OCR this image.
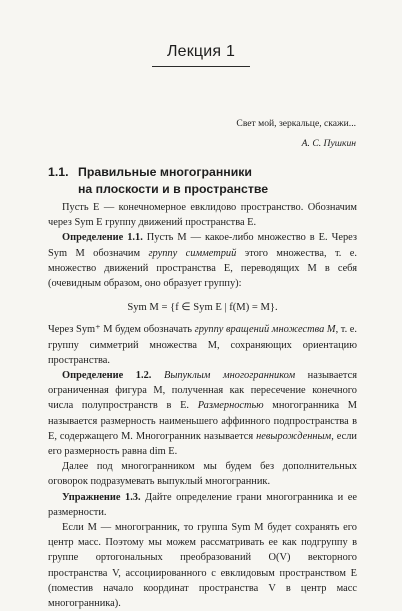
Лекция 1
Свет мой, зеркальце, скажи...
А. С. Пушкин
1.1. Правильные многогранники
на плоскости и в пространстве

Пусть E — конечномерное евклидово пространство. Обозначим через Sym E группу движений пространства E.

Определение 1.1. Пусть M — какое-либо множество в E. Через Sym M обозначим группу симметрий этого множества, т. е. множество движений пространства E, переводящих M в себя (очевидным образом, оно образует группу):

Sym M = {f ∈ Sym E | f(M) = M}.

Через Sym⁺ M будем обозначать группу вращений множества M, т. е. группу симметрий множества M, сохраняющих ориентацию пространства.

Определение 1.2. Выпуклым многогранником называется ограниченная фигура M, полученная как пересечение конечного числа полупространств в E. Размерностью многогранника M называется размерность наименьшего аффинного подпространства в E, содержащего M. Многогранник называется невырожденным, если его размерность равна dim E.

Далее под многогранником мы будем без дополнительных оговорок подразумевать выпуклый многогранник.

Упражнение 1.3. Дайте определение грани многогранника и ее размерности.

Если M — многогранник, то группа Sym M будет сохранять его центр масс. Поэтому мы можем рассматривать ее как подгруппу в группе ортогональных преобразований O(V) векторного пространства V, ассоциированного с евклидовым пространством E (поместив начало координат пространства V в центр масс многогранника).
